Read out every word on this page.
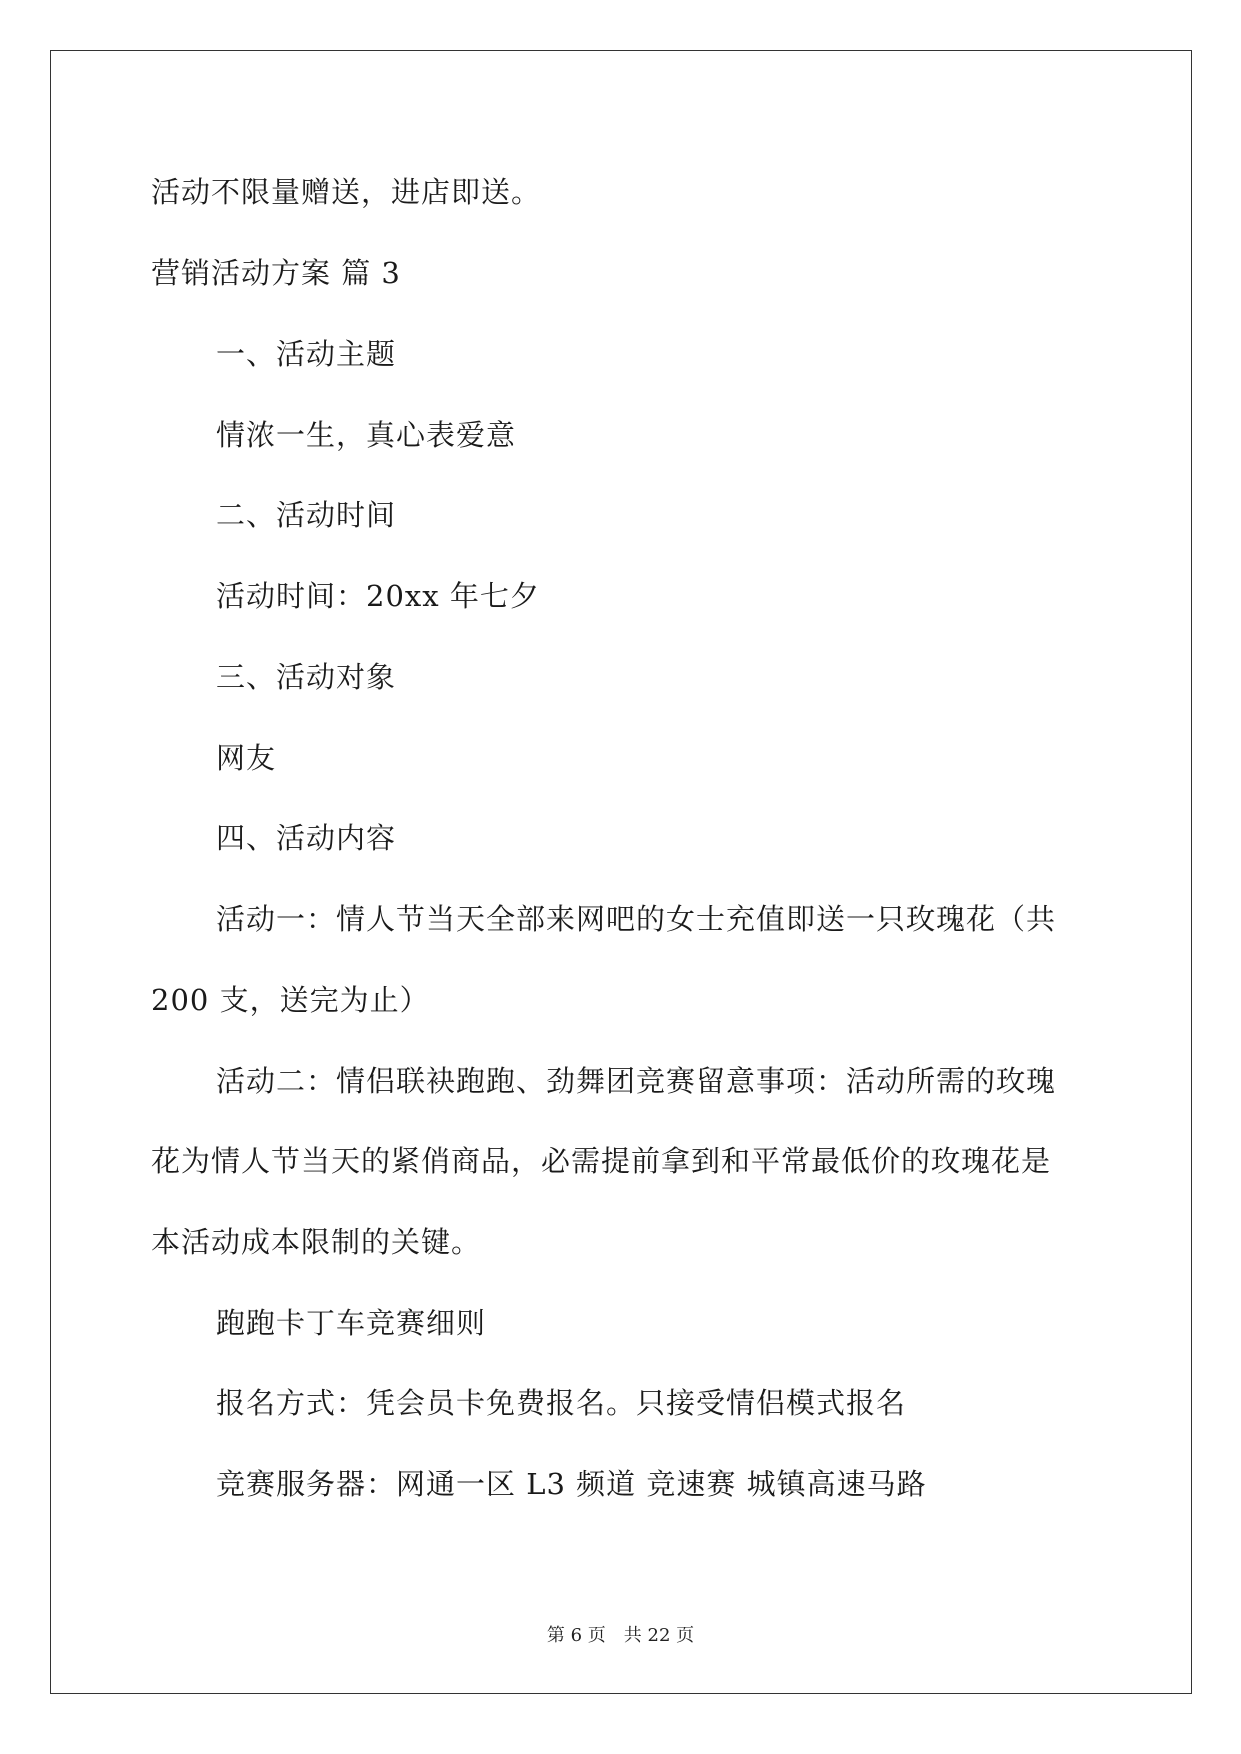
活动不限量赠送，进店即送。
营销活动方案 篇 3
一、活动主题
情浓一生，真心表爱意
二、活动时间
活动时间：20xx 年七夕
三、活动对象
网友
四、活动内容
活动一：情人节当天全部来网吧的女士充值即送一只玫瑰花（共
200 支，送完为止）
活动二：情侣联袂跑跑、劲舞团竞赛留意事项：活动所需的玫瑰
花为情人节当天的紧俏商品，必需提前拿到和平常最低价的玫瑰花是
本活动成本限制的关键。
跑跑卡丁车竞赛细则
报名方式：凭会员卡免费报名。只接受情侣模式报名
竞赛服务器：网通一区 L3 频道 竞速赛 城镇高速马路
第 6 页　共 22 页
